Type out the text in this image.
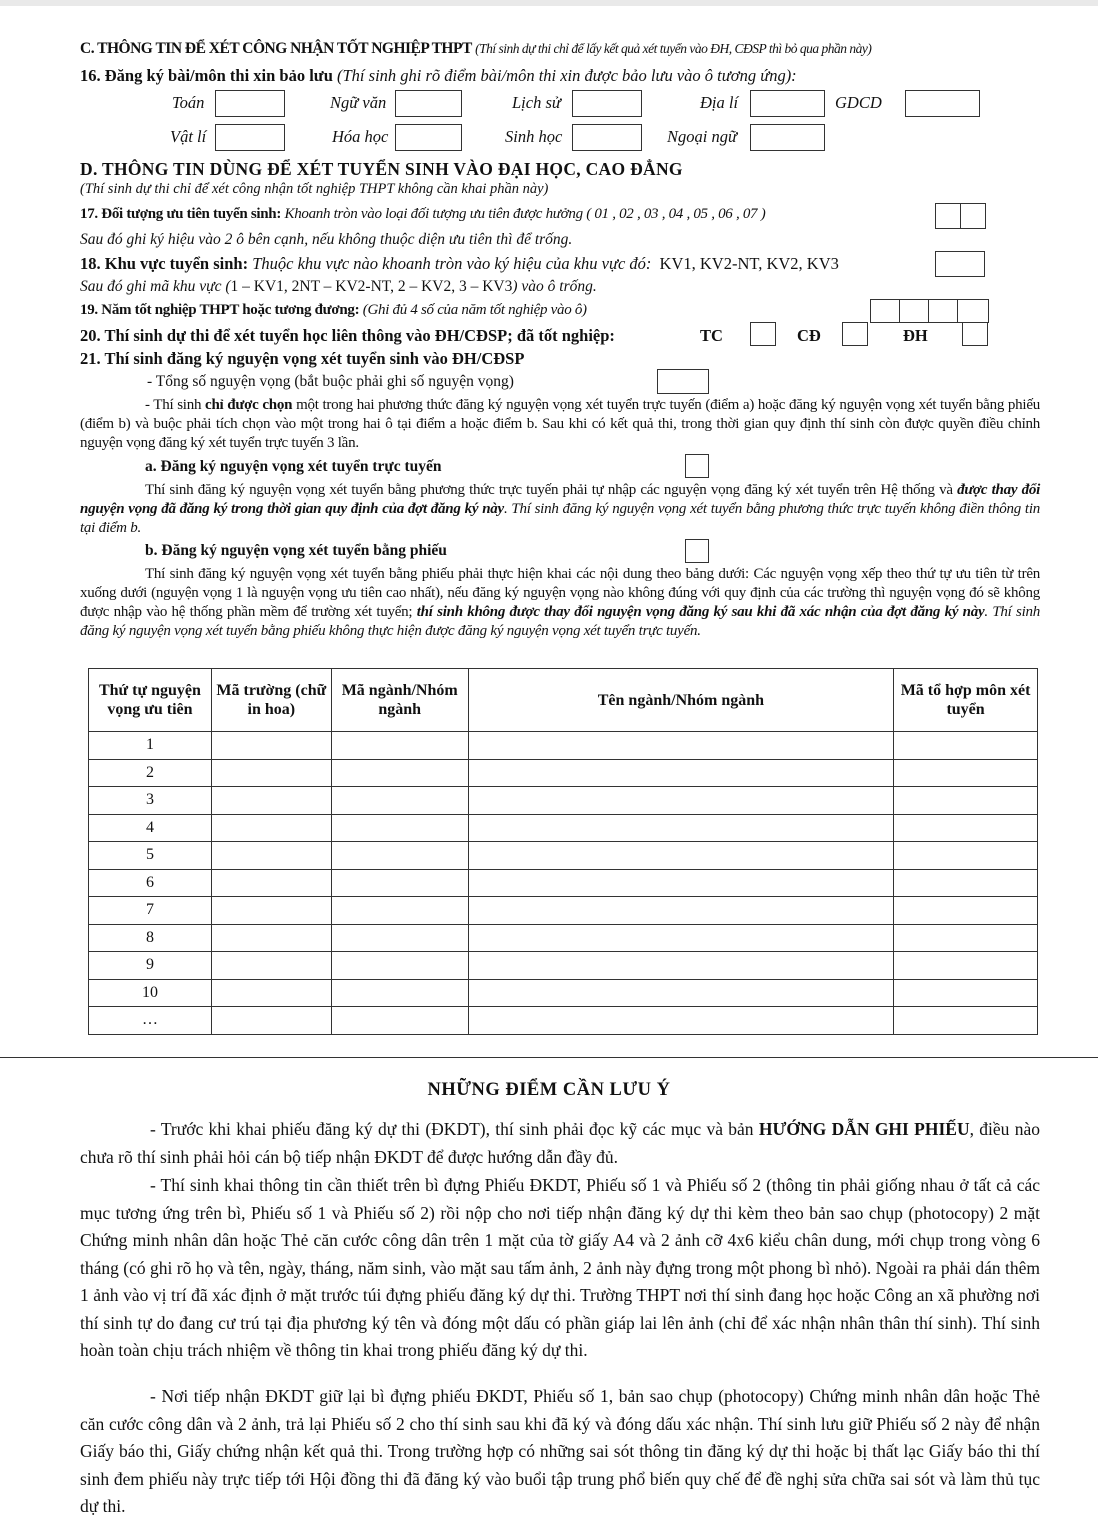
C. THÔNG TIN ĐỂ XÉT CÔNG NHẬN TỐT NGHIỆP THPT (Thí sinh dự thi chỉ để lấy kết quả xét tuyển vào ĐH, CĐSP thì bỏ qua phần này)
16. Đăng ký bài/môn thi xin bảo lưu (Thí sinh ghi rõ điểm bài/môn thi xin được bảo lưu vào ô tương ứng):
Toán	Ngữ văn	Lịch sử	Địa lí	GDCD
Vật lí	Hóa học	Sinh học	Ngoại ngữ
D. THÔNG TIN DÙNG ĐỂ XÉT TUYỂN SINH VÀO ĐẠI HỌC, CAO ĐẲNG
(Thí sinh dự thi chỉ để xét công nhận tốt nghiệp THPT không cần khai phần này)
17. Đối tượng ưu tiên tuyển sinh: Khoanh tròn vào loại đối tượng ưu tiên được hưởng ( 01 , 02 , 03 , 04 , 05 , 06 , 07 )
Sau đó ghi ký hiệu vào 2 ô bên cạnh, nếu không thuộc diện ưu tiên thì để trống.
18. Khu vực tuyển sinh: Thuộc khu vực nào khoanh tròn vào ký hiệu của khu vực đó: KV1, KV2-NT, KV2, KV3
Sau đó ghi mã khu vực (1 – KV1, 2NT – KV2-NT, 2 – KV2, 3 – KV3) vào ô trống.
19. Năm tốt nghiệp THPT hoặc tương đương: (Ghi đủ 4 số của năm tốt nghiệp vào ô)
20. Thí sinh dự thi để xét tuyển học liên thông vào ĐH/CĐSP; đã tốt nghiệp:	TC	CĐ	ĐH
21. Thí sinh đăng ký nguyện vọng xét tuyển sinh vào ĐH/CĐSP
- Tổng số nguyện vọng (bắt buộc phải ghi số nguyện vọng)
- Thí sinh chỉ được chọn một trong hai phương thức đăng ký nguyện vọng xét tuyển trực tuyến (điểm a) hoặc đăng ký nguyện vọng xét tuyển bằng phiếu (điểm b) và buộc phải tích chọn vào một trong hai ô tại điểm a hoặc điểm b. Sau khi có kết quả thi, trong thời gian quy định thí sinh còn được quyền điều chỉnh nguyện vọng đăng ký xét tuyển trực tuyến 3 lần.
a. Đăng ký nguyện vọng xét tuyển trực tuyến
Thí sinh đăng ký nguyện vọng xét tuyển bằng phương thức trực tuyến phải tự nhập các nguyện vọng đăng ký xét tuyển trên Hệ thống và được thay đổi nguyện vọng đã đăng ký trong thời gian quy định của đợt đăng ký này. Thí sinh đăng ký nguyện vọng xét tuyển bằng phương thức trực tuyến không điền thông tin tại điểm b.
b. Đăng ký nguyện vọng xét tuyển bằng phiếu
Thí sinh đăng ký nguyện vọng xét tuyển bằng phiếu phải thực hiện khai các nội dung theo bảng dưới: Các nguyện vọng xếp theo thứ tự ưu tiên từ trên xuống dưới (nguyện vọng 1 là nguyện vọng ưu tiên cao nhất), nếu đăng ký nguyện vọng nào không đúng với quy định của các trường thì nguyện vọng đó sẽ không được nhập vào hệ thống phần mềm để trường xét tuyển; thí sinh không được thay đổi nguyện vọng đăng ký sau khi đã xác nhận của đợt đăng ký này. Thí sinh đăng ký nguyện vọng xét tuyển bằng phiếu không thực hiện được đăng ký nguyện vọng xét tuyển trực tuyến.
Thứ tự nguyện vọng ưu tiên	Mã trường (chữ in hoa)	Mã ngành/Nhóm ngành	Tên ngành/Nhóm ngành	Mã tổ hợp môn xét tuyển
1				
2				
3				
4				
5				
6				
7				
8				
9				
10				
…				
NHỮNG ĐIỂM CẦN LƯU Ý
- Trước khi khai phiếu đăng ký dự thi (ĐKDT), thí sinh phải đọc kỹ các mục và bản HƯỚNG DẪN GHI PHIẾU, điều nào chưa rõ thí sinh phải hỏi cán bộ tiếp nhận ĐKDT để được hướng dẫn đầy đủ.
- Thí sinh khai thông tin cần thiết trên bì đựng Phiếu ĐKDT, Phiếu số 1 và Phiếu số 2 (thông tin phải giống nhau ở tất cả các mục tương ứng trên bì, Phiếu số 1 và Phiếu số 2) rồi nộp cho nơi tiếp nhận đăng ký dự thi kèm theo bản sao chụp (photocopy) 2 mặt Chứng minh nhân dân hoặc Thẻ căn cước công dân trên 1 mặt của tờ giấy A4 và 2 ảnh cỡ 4x6 kiểu chân dung, mới chụp trong vòng 6 tháng (có ghi rõ họ và tên, ngày, tháng, năm sinh, vào mặt sau tấm ảnh, 2 ảnh này đựng trong một phong bì nhỏ). Ngoài ra phải dán thêm 1 ảnh vào vị trí đã xác định ở mặt trước túi đựng phiếu đăng ký dự thi. Trường THPT nơi thí sinh đang học hoặc Công an xã phường nơi thí sinh tự do đang cư trú tại địa phương ký tên và đóng một dấu có phần giáp lai lên ảnh (chỉ để xác nhận nhân thân thí sinh). Thí sinh hoàn toàn chịu trách nhiệm về thông tin khai trong phiếu đăng ký dự thi.
- Nơi tiếp nhận ĐKDT giữ lại bì đựng phiếu ĐKDT, Phiếu số 1, bản sao chụp (photocopy) Chứng minh nhân dân hoặc Thẻ căn cước công dân và 2 ảnh, trả lại Phiếu số 2 cho thí sinh sau khi đã ký và đóng dấu xác nhận. Thí sinh lưu giữ Phiếu số 2 này để nhận Giấy báo thi, Giấy chứng nhận kết quả thi. Trong trường hợp có những sai sót thông tin đăng ký dự thi hoặc bị thất lạc Giấy báo thi thí sinh đem phiếu này trực tiếp tới Hội đồng thi đã đăng ký vào buổi tập trung phổ biến quy chế để đề nghị sửa chữa sai sót và làm thủ tục dự thi.
